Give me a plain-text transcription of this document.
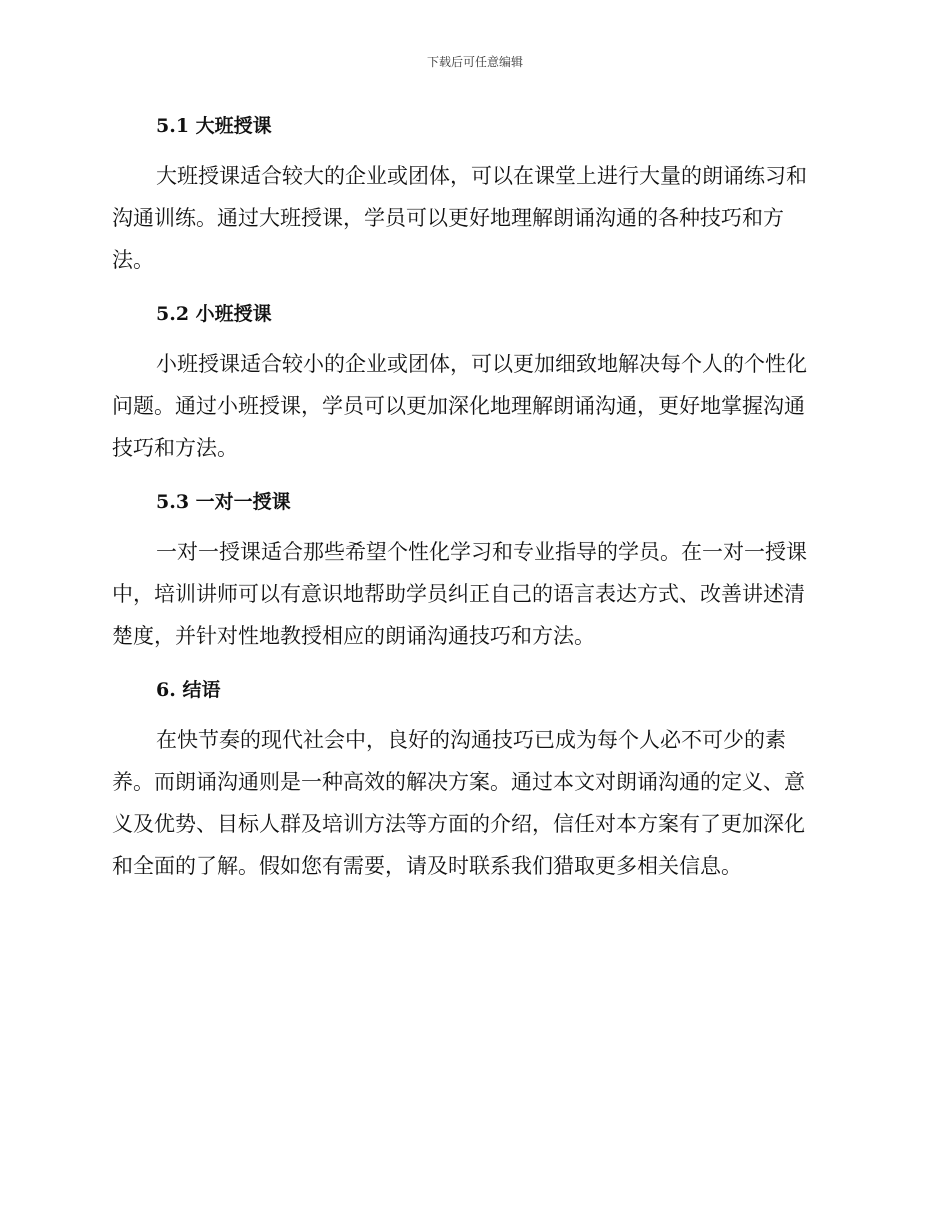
下载后可任意编辑
5.1 大班授课
大班授课适合较大的企业或团体，可以在课堂上进行大量的朗诵练习和
沟通训练。通过大班授课，学员可以更好地理解朗诵沟通的各种技巧和方
法。
5.2 小班授课
小班授课适合较小的企业或团体，可以更加细致地解决每个人的个性化
问题。通过小班授课，学员可以更加深化地理解朗诵沟通，更好地掌握沟通
技巧和方法。
5.3 一对一授课
一对一授课适合那些希望个性化学习和专业指导的学员。在一对一授课
中，培训讲师可以有意识地帮助学员纠正自己的语言表达方式、改善讲述清
楚度，并针对性地教授相应的朗诵沟通技巧和方法。
6. 结语
在快节奏的现代社会中，良好的沟通技巧已成为每个人必不可少的素
养。而朗诵沟通则是一种高效的解决方案。通过本文对朗诵沟通的定义、意
义及优势、目标人群及培训方法等方面的介绍，信任对本方案有了更加深化
和全面的了解。假如您有需要，请及时联系我们猎取更多相关信息。
